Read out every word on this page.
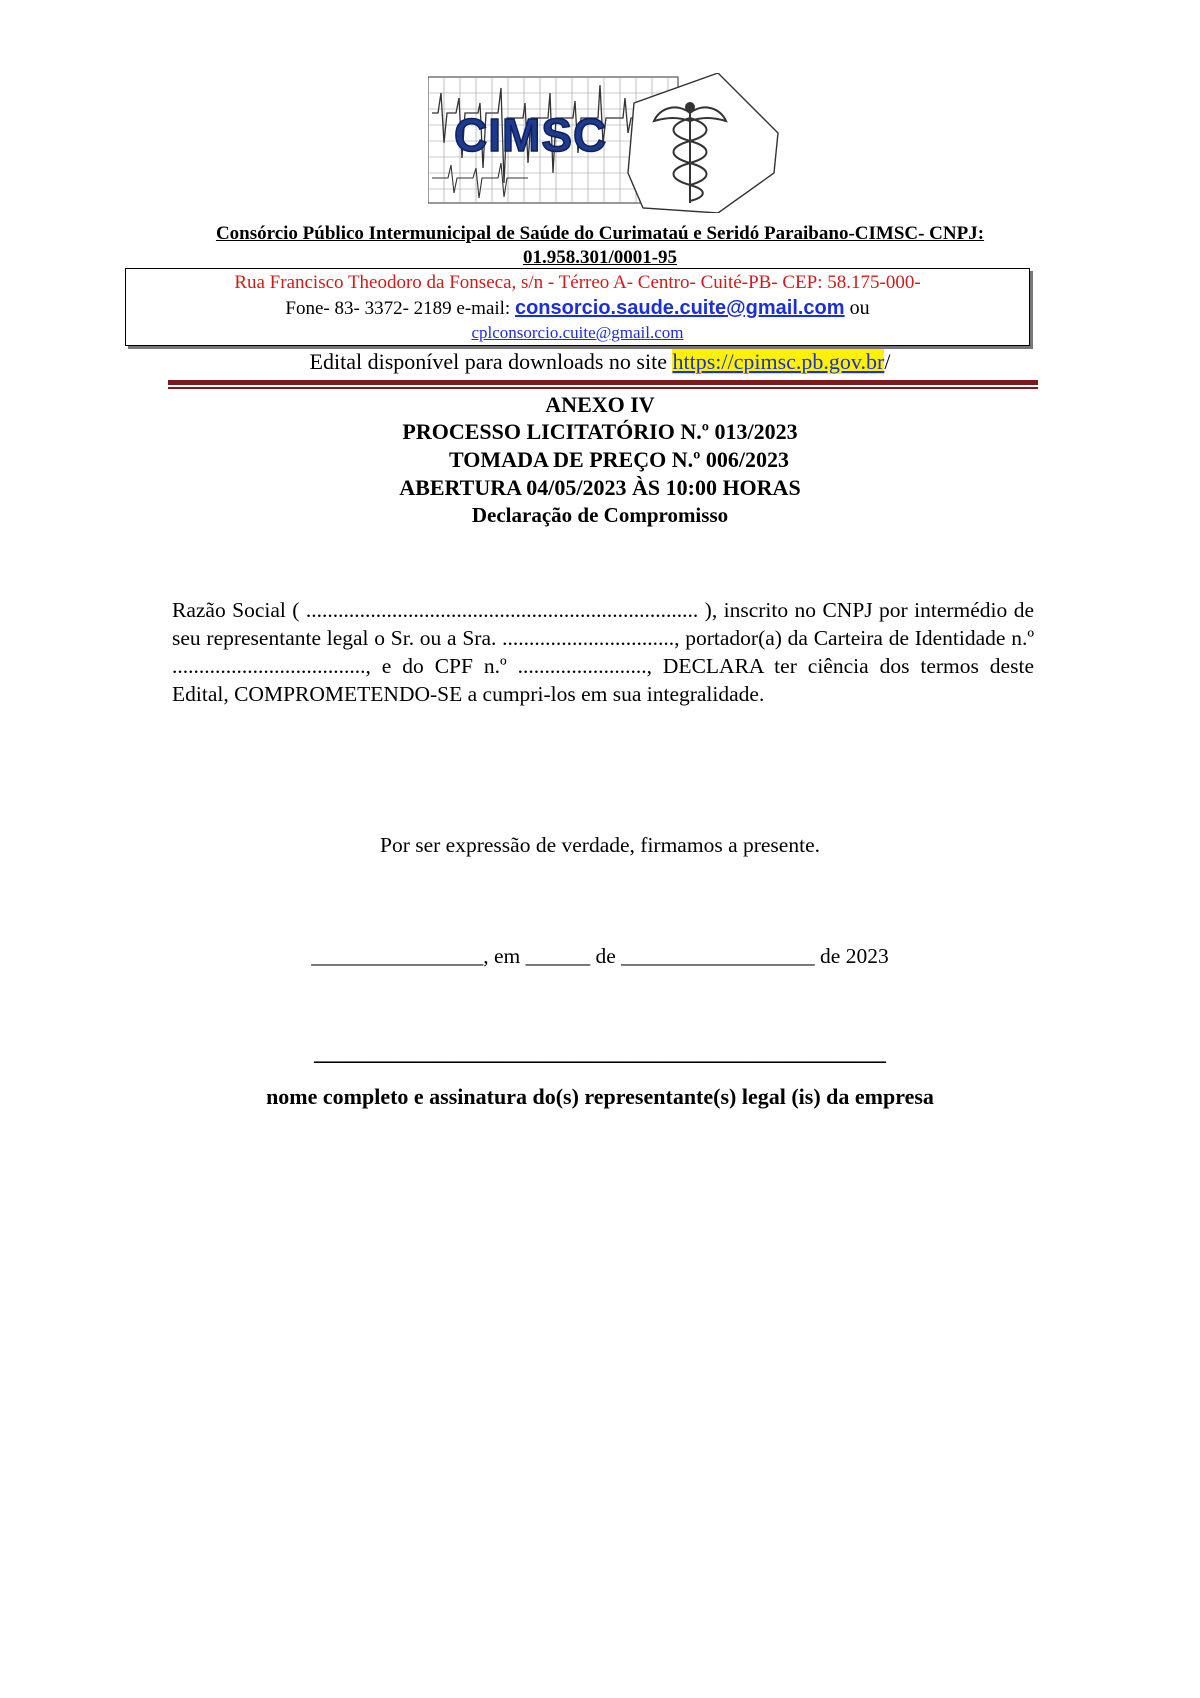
CIMSC
Consórcio Público Intermunicipal de Saúde do Curimataú e Seridó Paraibano-CIMSC- CNPJ:
01.958.301/0001-95
Rua Francisco Theodoro da Fonseca, s/n - Térreo A- Centro- Cuité-PB- CEP: 58.175-000-
Fone- 83- 3372- 2189 e-mail: consorcio.saude.cuite@gmail.com ou
cplconsorcio.cuite@gmail.com
Edital disponível para downloads no site https://cpimsc.pb.gov.br/
ANEXO IV
PROCESSO LICITATÓRIO N.º 013/2023
TOMADA DE PREÇO N.º 006/2023
ABERTURA 04/05/2023 ÀS 10:00 HORAS
Declaração de Compromisso
Razão Social ( ......................................................................... ), inscrito no CNPJ por intermédio de seu representante legal o Sr. ou a Sra. ................................, portador(a) da Carteira de Identidade n.º ...................................., e do CPF n.º ........................, DECLARA ter ciência dos termos deste Edital, COMPROMETENDO-SE a cumpri-los em sua integralidade.
Por ser expressão de verdade, firmamos a presente.
________________, em ______ de __________________ de 2023
____________________________________________________
nome completo e assinatura do(s) representante(s) legal (is) da empresa
